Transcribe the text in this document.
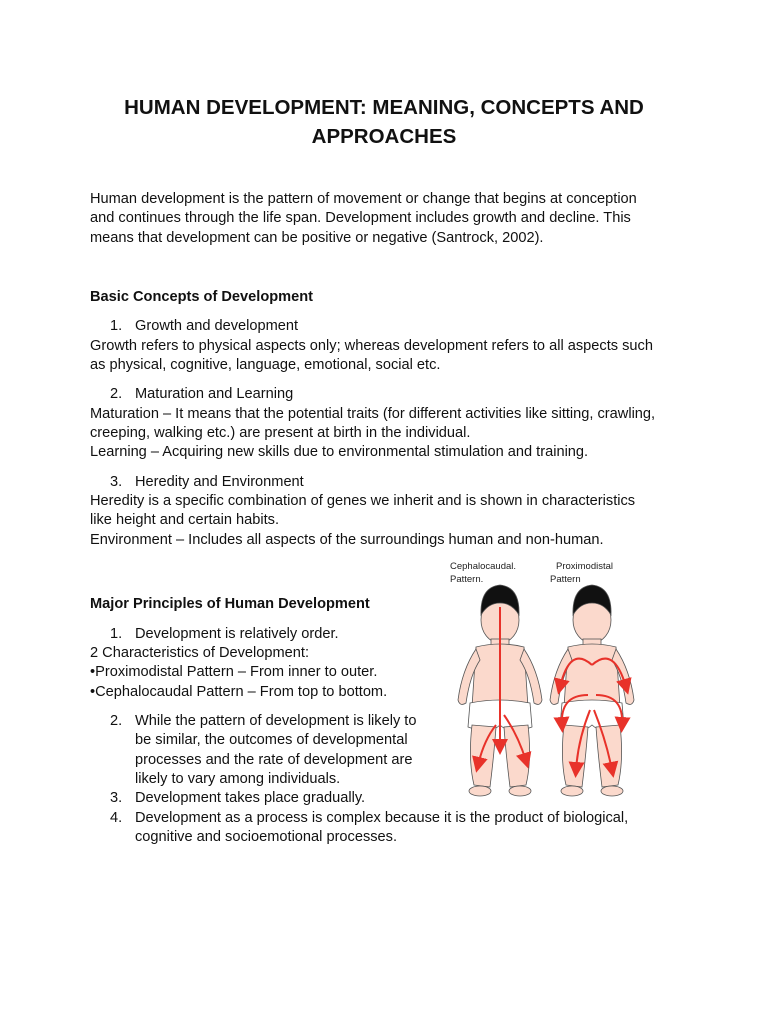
HUMAN DEVELOPMENT: MEANING, CONCEPTS AND
APPROACHES
Human development is the pattern of movement or change that begins at conception
and continues through the life span. Development includes growth and decline. This
means that development can be positive or negative (Santrock, 2002).
Basic Concepts of Development
1. Growth and development
Growth refers to physical aspects only; whereas development refers to all aspects such
as physical, cognitive, language, emotional, social etc.
2. Maturation and Learning
Maturation – It means that the potential traits (for different activities like sitting, crawling,
creeping, walking etc.) are present at birth in the individual.
Learning – Acquiring new skills due to environmental stimulation and training.
3. Heredity and Environment
Heredity is a specific combination of genes we inherit and is shown in characteristics
like height and certain habits.
Environment – Includes all aspects of the surroundings human and non-human.
Cephalocaudal.
Pattern.
Proximodistal
Pattern
Major Principles of Human Development
1. Development is relatively order.
2 Characteristics of Development:
•Proximodistal Pattern – From inner to outer.
•Cephalocaudal Pattern – From top to bottom.
2. While the pattern of development is likely to
be similar, the outcomes of developmental
processes and the rate of development are
likely to vary among individuals.
3. Development takes place gradually.
4. Development as a process is complex because it is the product of biological,
cognitive and socioemotional processes.
